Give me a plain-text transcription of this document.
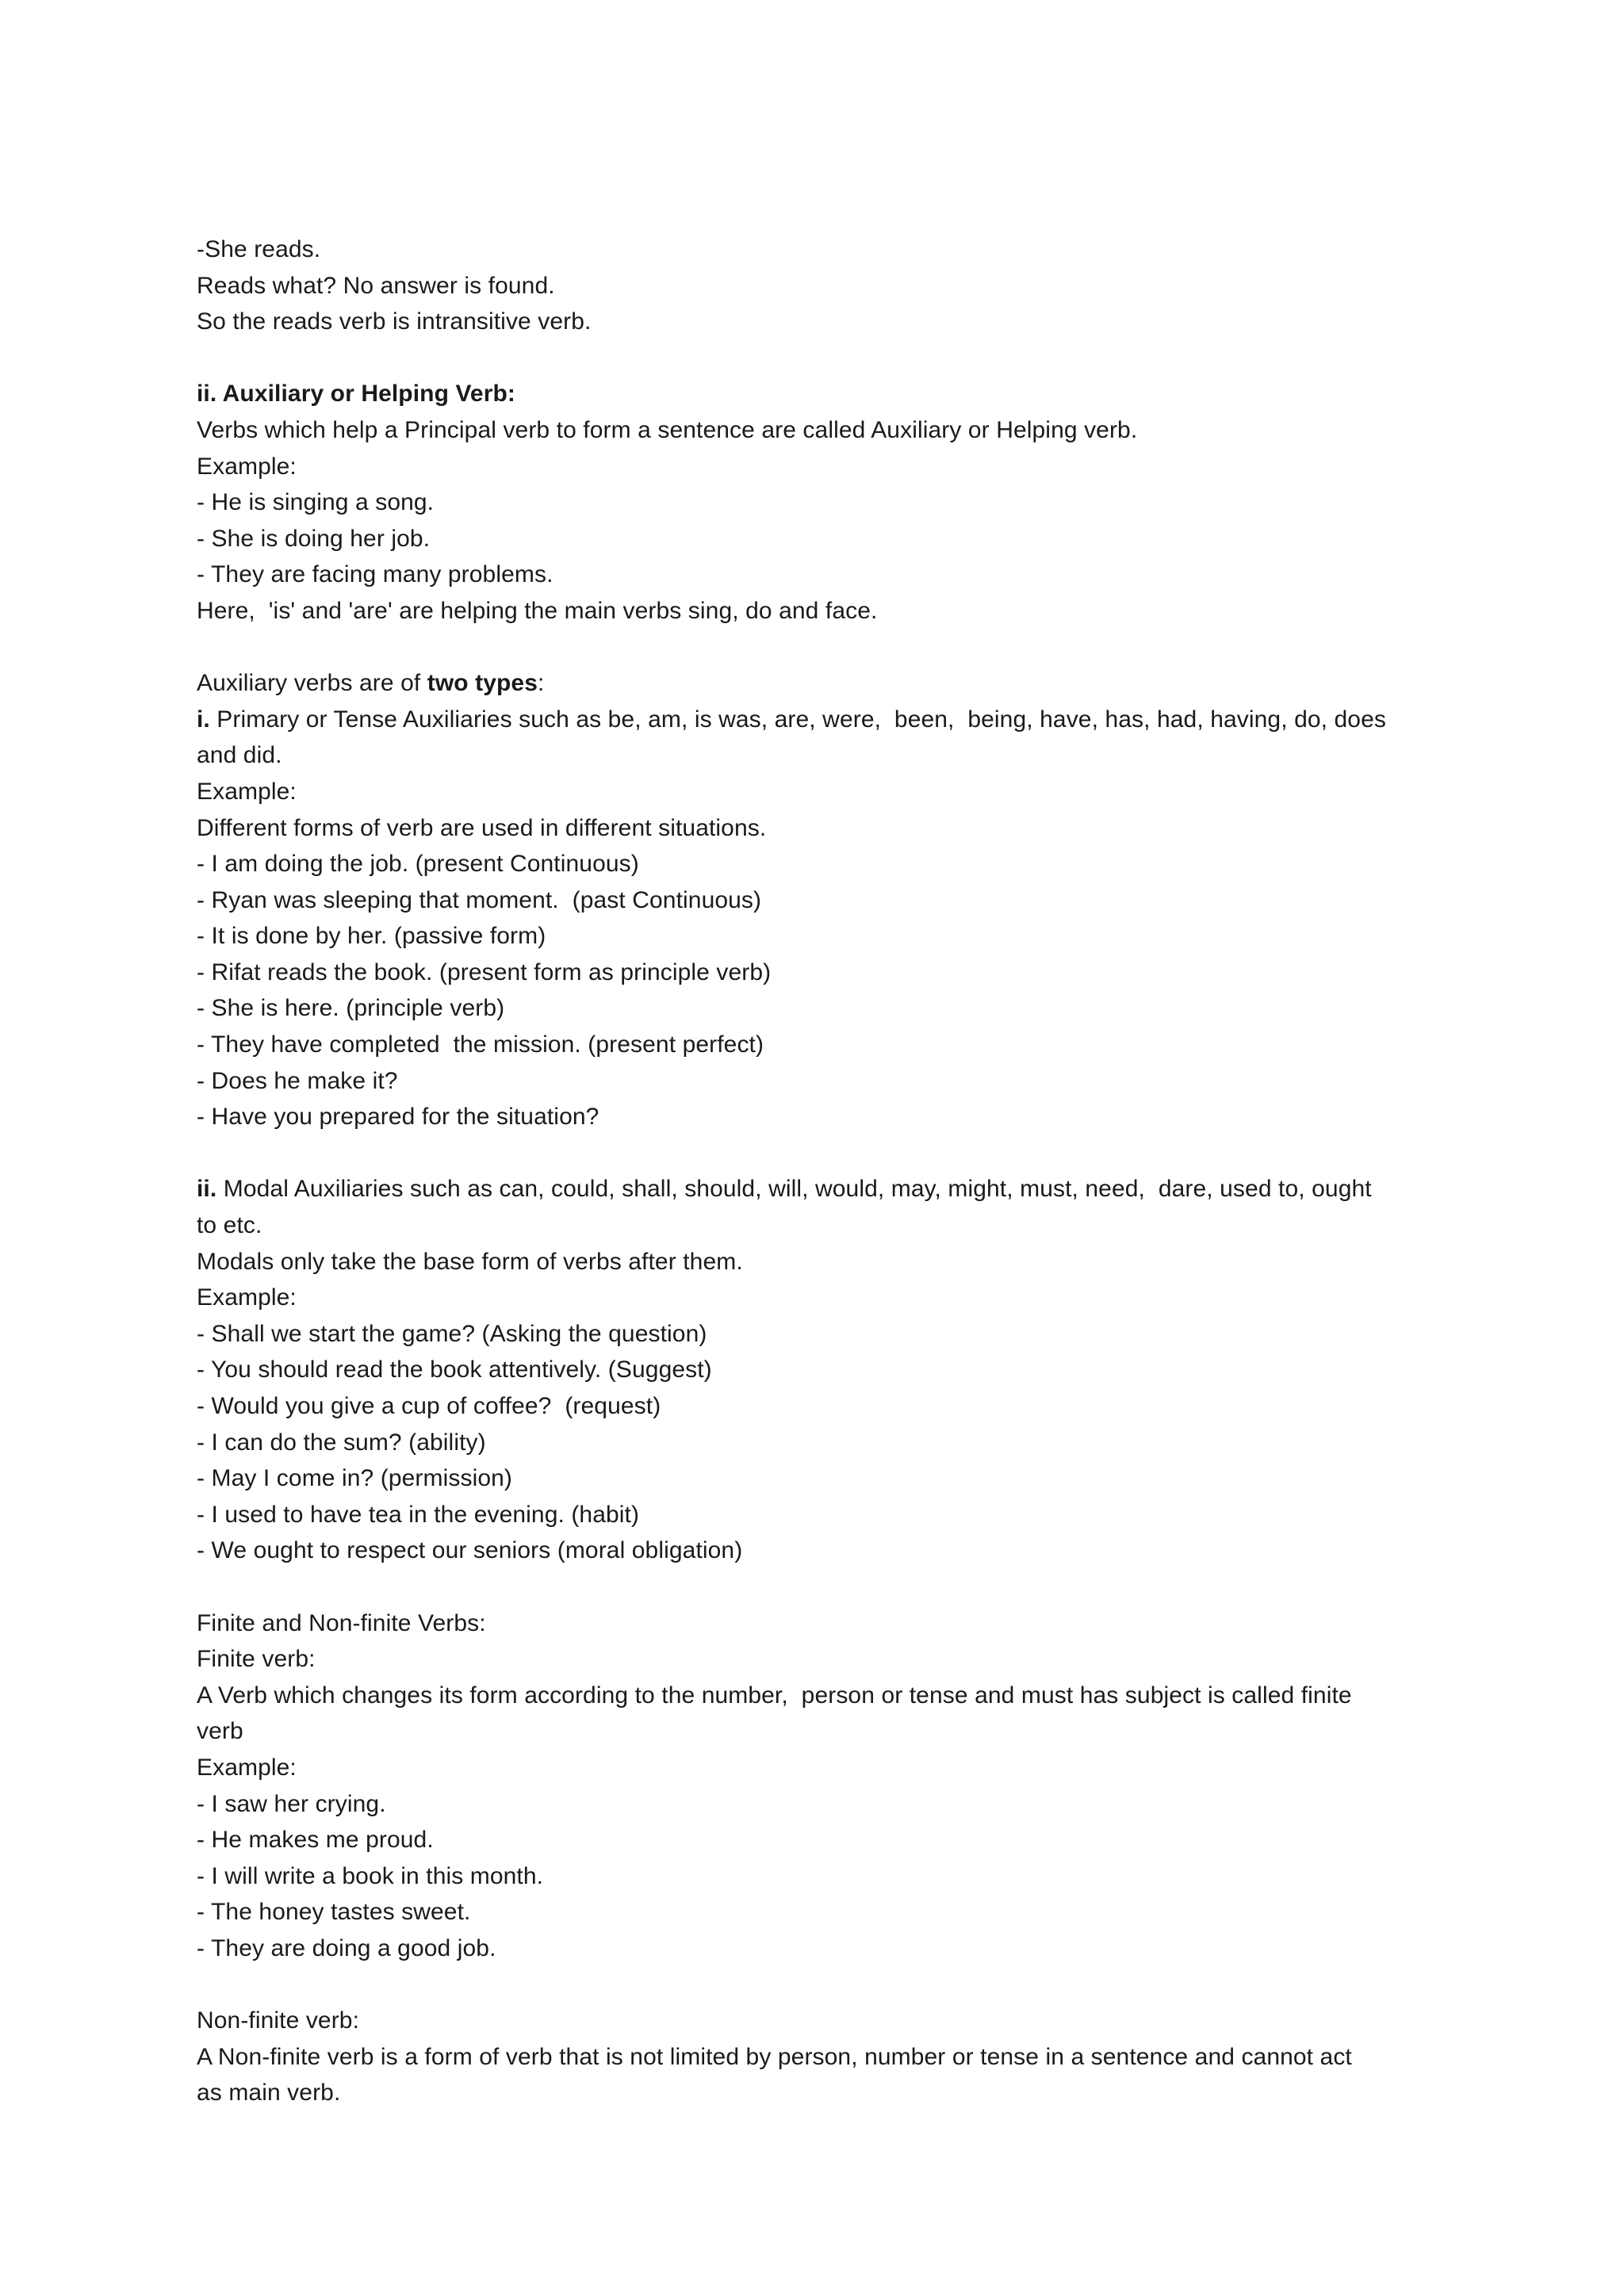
-She reads.

Reads what? No answer is found.

So the reads verb is intransitive verb.

ii. Auxiliary or Helping Verb:

Verbs which help a Principal verb to form a sentence are called Auxiliary or Helping verb.

Example:

- He is singing a song.

- She is doing her job.

- They are facing many problems.

Here,  'is' and 'are' are helping the main verbs sing, do and face.

Auxiliary verbs are of two types:

i. Primary or Tense Auxiliaries such as be, am, is was, are, were,  been,  being, have, has, had, having, do, does

and did.

Example:

Different forms of verb are used in different situations.

- I am doing the job. (present Continuous)

- Ryan was sleeping that moment.  (past Continuous)

- It is done by her. (passive form)

- Rifat reads the book. (present form as principle verb)

- She is here. (principle verb)

- They have completed  the mission. (present perfect)

- Does he make it?

- Have you prepared for the situation?

ii. Modal Auxiliaries such as can, could, shall, should, will, would, may, might, must, need,  dare, used to, ought

to etc.

Modals only take the base form of verbs after them.

Example:

- Shall we start the game? (Asking the question)

- You should read the book attentively. (Suggest)

- Would you give a cup of coffee?  (request)

- I can do the sum? (ability)

- May I come in? (permission)

- I used to have tea in the evening. (habit)

- We ought to respect our seniors (moral obligation)

Finite and Non-finite Verbs:

Finite verb:

A Verb which changes its form according to the number,  person or tense and must has subject is called finite

verb

Example:

- I saw her crying.

- He makes me proud.

- I will write a book in this month.

- The honey tastes sweet.

- They are doing a good job.

Non-finite verb:

A Non-finite verb is a form of verb that is not limited by person, number or tense in a sentence and cannot act

as main verb.
